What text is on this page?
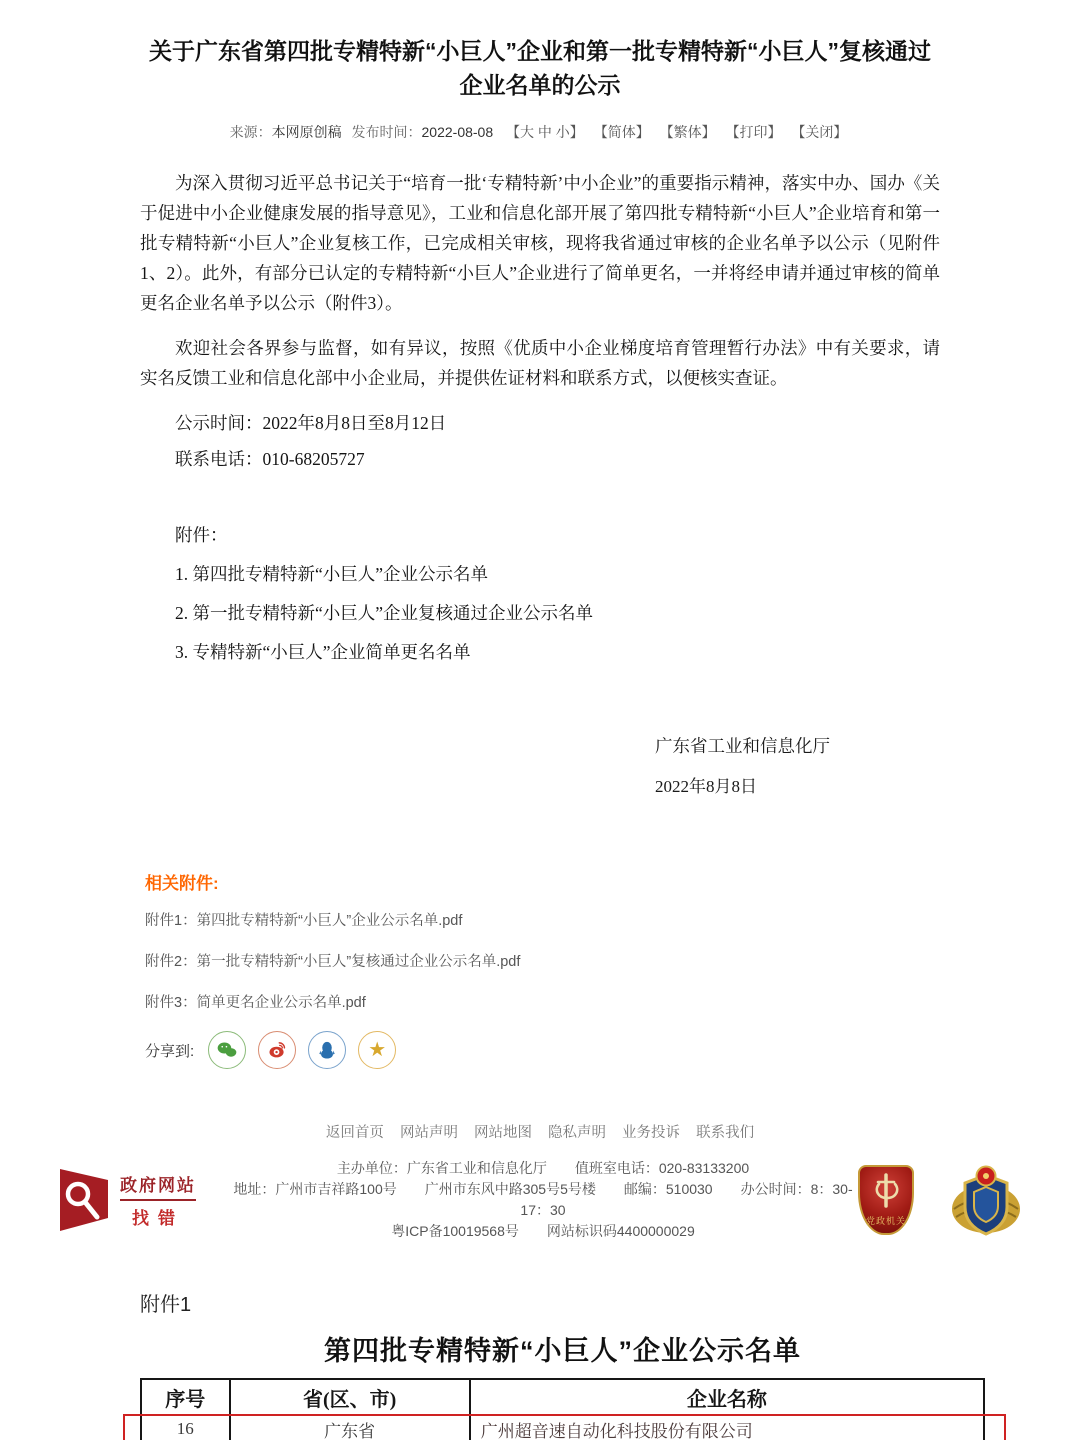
关于广东省第四批专精特新“小巨人”企业和第一批专精特新“小巨人”复核通过
企业名单的公示
来源：本网原创稿 发布时间：2022-08-08 【大 中 小】 【简体】 【繁体】 【打印】 【关闭】

为深入贯彻习近平总书记关于“培育一批‘专精特新’中小企业”的重要指示精神，落实中办、国办《关于促进中小企业健康发展的指导意见》，工业和信息化部开展了第四批专精特新“小巨人”企业培育和第一批专精特新“小巨人”企业复核工作，已完成相关审核，现将我省通过审核的企业名单予以公示（见附件1、2）。此外，有部分已认定的专精特新“小巨人”企业进行了简单更名，一并将经申请并通过审核的简单更名企业名单予以公示（附件3）。

欢迎社会各界参与监督，如有异议，按照《优质中小企业梯度培育管理暂行办法》中有关要求，请实名反馈工业和信息化部中小企业局，并提供佐证材料和联系方式，以便核实查证。

公示时间：2022年8月8日至8月12日

联系电话：010-68205727

附件：

1. 第四批专精特新“小巨人”企业公示名单

2. 第一批专精特新“小巨人”企业复核通过企业公示名单

3. 专精特新“小巨人”企业简单更名名单

广东省工业和信息化厅
2022年8月8日
相关附件:
附件1：第四批专精特新“小巨人”企业公示名单.pdf
附件2：第一批专精特新“小巨人”复核通过企业公示名单.pdf
附件3：简单更名企业公示名单.pdf
分享到:	★
返回首页 网站声明 网站地图 隐私声明 业务投诉 联系我们
政府网站
找错
主办单位：广东省工业和信息化厅　　值班室电话：020-83133200
地址：广州市吉祥路100号　　广州市东风中路305号5号楼　　邮编：510030　　办公时间：8：30-17：30
粤ICP备10019568号　　网站标识码4400000029
党政机关
附件1
第四批专精特新“小巨人”企业公示名单
序号	省(区、市)	企业名称
16	广东省	广州超音速自动化科技股份有限公司
